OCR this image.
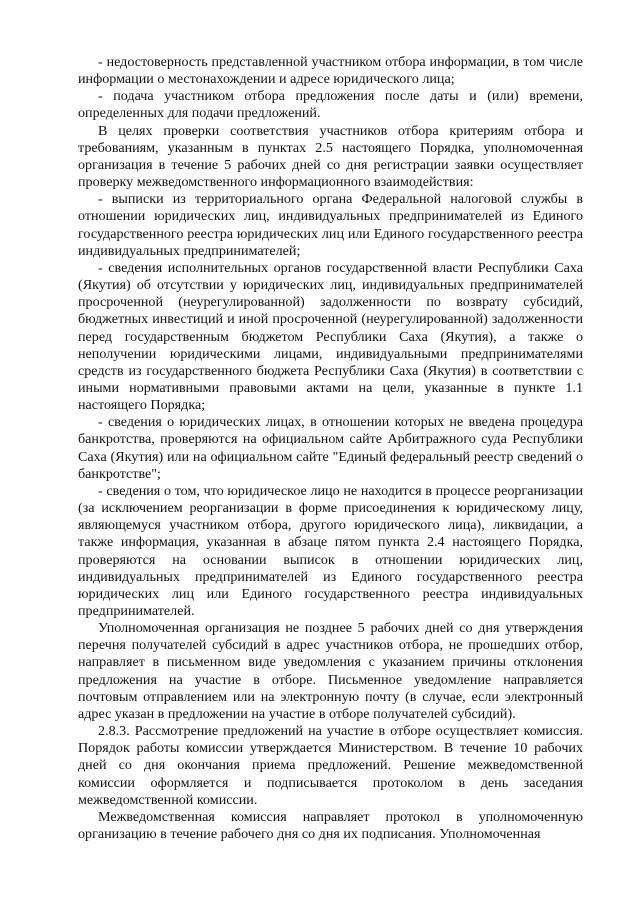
- недостоверность представленной участником отбора информации, в том числе информации о местонахождении и адресе юридического лица;

- подача участником отбора предложения после даты и (или) времени, определенных для подачи предложений.

В целях проверки соответствия участников отбора критериям отбора и требованиям, указанным в пунктах 2.5 настоящего Порядка, уполномоченная организация в течение 5 рабочих дней со дня регистрации заявки осуществляет проверку межведомственного информационного взаимодействия:

- выписки из территориального органа Федеральной налоговой службы в отношении юридических лиц, индивидуальных предпринимателей из Единого государственного реестра юридических лиц или Единого государственного реестра индивидуальных предпринимателей;

- сведения исполнительных органов государственной власти Республики Саха (Якутия) об отсутствии у юридических лиц, индивидуальных предпринимателей просроченной (неурегулированной) задолженности по возврату субсидий, бюджетных инвестиций и иной просроченной (неурегулированной) задолженности перед государственным бюджетом Республики Саха (Якутия), а также о неполучении юридическими лицами, индивидуальными предпринимателями средств из государственного бюджета Республики Саха (Якутия) в соответствии с иными нормативными правовыми актами на цели, указанные в пункте 1.1 настоящего Порядка;

- сведения о юридических лицах, в отношении которых не введена процедура банкротства, проверяются на официальном сайте Арбитражного суда Республики Саха (Якутия) или на официальном сайте "Единый федеральный реестр сведений о банкротстве";

- сведения о том, что юридическое лицо не находится в процессе реорганизации (за исключением реорганизации в форме присоединения к юридическому лицу, являющемуся участником отбора, другого юридического лица), ликвидации, а также информация, указанная в абзаце пятом пункта 2.4 настоящего Порядка, проверяются на основании выписок в отношении юридических лиц, индивидуальных предпринимателей из Единого государственного реестра юридических лиц или Единого государственного реестра индивидуальных предпринимателей.

Уполномоченная организация не позднее 5 рабочих дней со дня утверждения перечня получателей субсидий в адрес участников отбора, не прошедших отбор, направляет в письменном виде уведомления с указанием причины отклонения предложения на участие в отборе. Письменное уведомление направляется почтовым отправлением или на электронную почту (в случае, если электронный адрес указан в предложении на участие в отборе получателей субсидий).

2.8.3. Рассмотрение предложений на участие в отборе осуществляет комиссия. Порядок работы комиссии утверждается Министерством. В течение 10 рабочих дней со дня окончания приема предложений. Решение межведомственной комиссии оформляется и подписывается протоколом в день заседания межведомственной комиссии.

Межведомственная комиссия направляет протокол в уполномоченную организацию в течение рабочего дня со дня их подписания. Уполномоченная
